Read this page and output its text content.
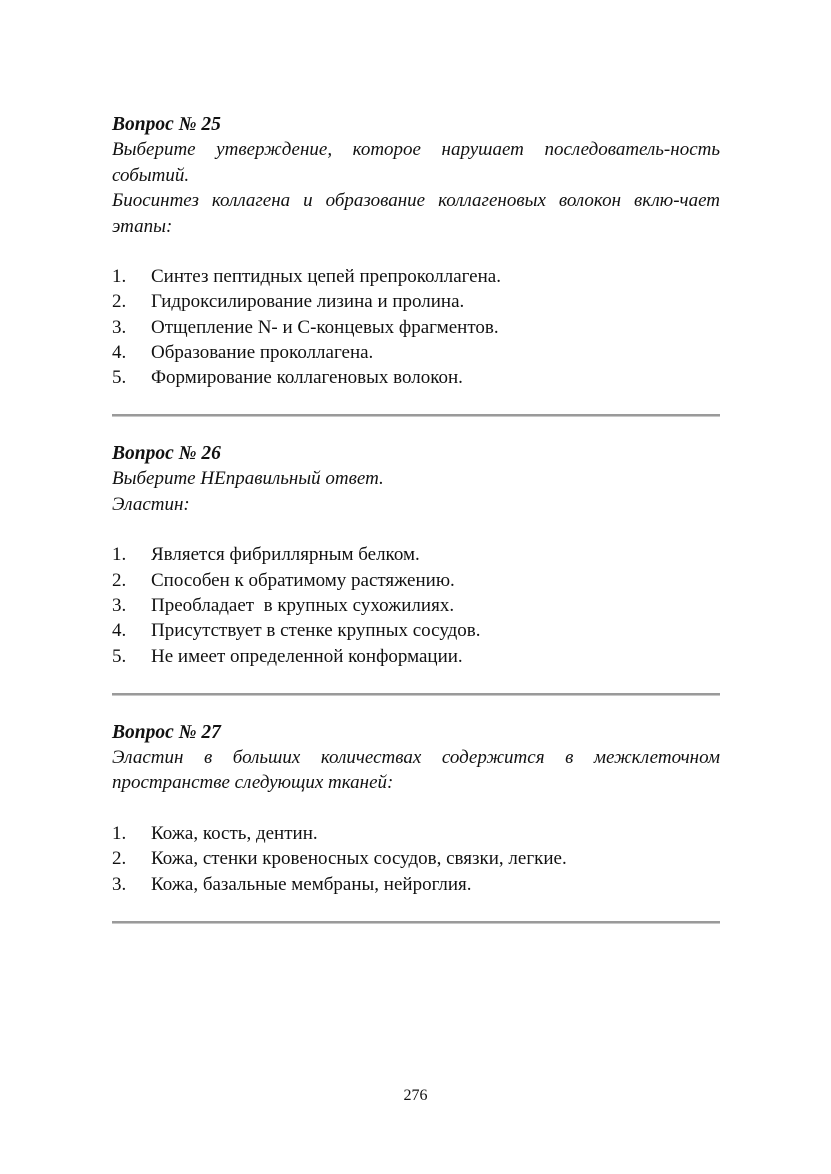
Вопрос № 25

Выберите утверждение, которое нарушает последователь-ность событий.

Биосинтез коллагена и образование коллагеновых волокон вклю-чает этапы:

1.	Синтез пептидных цепей препроколлагена.
2.	Гидроксилирование лизина и пролина.
3.	Отщепление N- и C-концевых фрагментов.
4.	Образование проколлагена.
5.	Формирование коллагеновых волокон.

Вопрос № 26

Выберите НЕправильный ответ.

Эластин:

1.	Является фибриллярным белком.
2.	Способен к обратимому растяжению.
3.	Преобладает  в крупных сухожилиях.
4.	Присутствует в стенке крупных сосудов.
5.	Не имеет определенной конформации.

Вопрос № 27

Эластин в больших количествах содержится в межклеточном пространстве следующих тканей:

1.	Кожа, кость, дентин.
2.	Кожа, стенки кровеносных сосудов, связки, легкие.
3.	Кожа, базальные мембраны, нейроглия.
276
